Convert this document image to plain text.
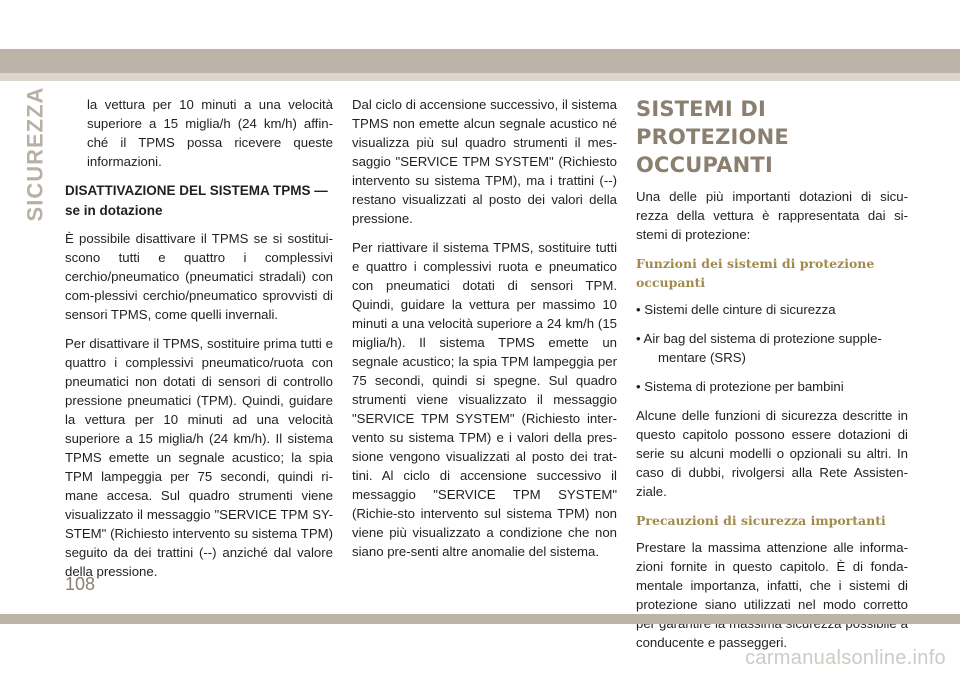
SICUREZZA	la vettura per 10 minuti a una velocità superiore a 15 miglia/h (24 km/h) affin-ché il TPMS possa ricevere queste informazioni.

DISATTIVAZIONE DEL SISTEMA TPMS — se in dotazione

È possibile disattivare il TPMS se si sostitui-scono tutti e quattro i complessivi cerchio/pneumatico (pneumatici stradali) con com-plessivi cerchio/pneumatico sprovvisti di sensori TPMS, come quelli invernali.

Per disattivare il TPMS, sostituire prima tutti e quattro i complessivi pneumatico/ruota con pneumatici non dotati di sensori di controllo pressione pneumatici (TPM). Quindi, guidare la vettura per 10 minuti ad una velocità superiore a 15 miglia/h (24 km/h). Il sistema TPMS emette un segnale acustico; la spia TPM lampeggia per 75 secondi, quindi ri-mane accesa. Sul quadro strumenti viene visualizzato il messaggio "SERVICE TPM SY-STEM" (Richiesto intervento su sistema TPM) seguito da dei trattini (--) anziché dal valore della pressione.

Dal ciclo di accensione successivo, il sistema TPMS non emette alcun segnale acustico né visualizza più sul quadro strumenti il mes-saggio "SERVICE TPM SYSTEM" (Richiesto intervento su sistema TPM), ma i trattini (--) restano visualizzati al posto dei valori della pressione.

Per riattivare il sistema TPMS, sostituire tutti e quattro i complessivi ruota e pneumatico con pneumatici dotati di sensori TPM. Quindi, guidare la vettura per massimo 10 minuti a una velocità superiore a 24 km/h (15 miglia/h). Il sistema TPMS emette un segnale acustico; la spia TPM lampeggia per 75 secondi, quindi si spegne. Sul quadro strumenti viene visualizzato il messaggio "SERVICE TPM SYSTEM" (Richiesto inter-vento su sistema TPM) e i valori della pres-sione vengono visualizzati al posto dei trat-tini. Al ciclo di accensione successivo il messaggio "SERVICE TPM SYSTEM" (Richie-sto intervento sul sistema TPM) non viene più visualizzato a condizione che non siano pre-senti altre anomalie del sistema.

SISTEMI DI PROTEZIONE OCCUPANTI

Una delle più importanti dotazioni di sicu-rezza della vettura è rappresentata dai si-stemi di protezione:

Funzioni dei sistemi di protezione occupanti

• Sistemi delle cinture di sicurezza

• Air bag del sistema di protezione supple-
mentare (SRS)

• Sistema di protezione per bambini

Alcune delle funzioni di sicurezza descritte in questo capitolo possono essere dotazioni di serie su alcuni modelli o opzionali su altri. In caso di dubbi, rivolgersi alla Rete Assisten-ziale.

Precauzioni di sicurezza importanti

Prestare la massima attenzione alle informa-zioni fornite in questo capitolo. È di fonda-mentale importanza, infatti, che i sistemi di protezione siano utilizzati nel modo corretto conducente e passeggeri.

108
carmanualsonline.info
